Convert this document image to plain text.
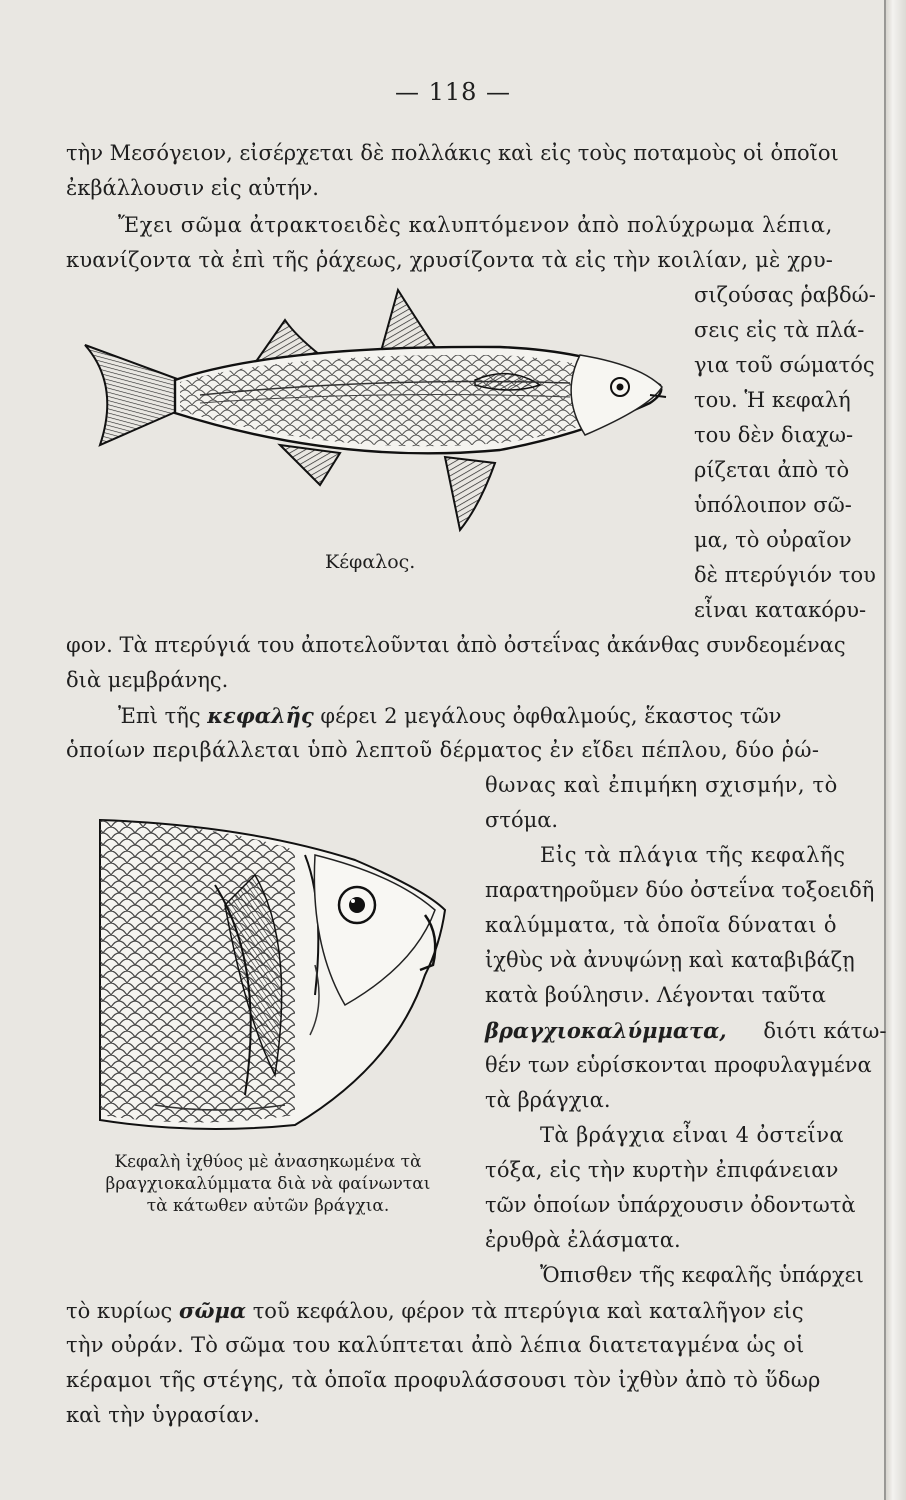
— 118 —
τὴν Μεσόγειον, εἰσέρχεται δὲ πολλάκις καὶ εἰς τοὺς ποταμοὺς οἱ ὁποῖοι
ἐκβάλλουσιν εἰς αὐτήν.
Ἔχει σῶμα ἀτρακτοειδὲς καλυπτόμενον ἀπὸ πολύχρωμα λέπια,
κυανίζοντα τὰ ἐπὶ τῆς ῥάχεως, χρυσίζοντα τὰ εἰς τὴν κοιλίαν, μὲ χρυ-
σιζούσας ῥαβδώ-
σεις εἰς τὰ πλά-
για τοῦ σώματός
του. Ἡ κεφαλή
του δὲν διαχω-
ρίζεται ἀπὸ τὸ
ὑπόλοιπον σῶ-
μα, τὸ οὐραῖον
δὲ πτερύγιόν του
εἶναι κατακόρυ-
Κέφαλος.
φον. Τὰ πτερύγιά του ἀποτελοῦνται ἀπὸ ὀστεΐνας ἀκάνθας συνδεομένας
διὰ μεμβράνης.
Ἐπὶ τῆς κεφαλῆς φέρει 2 μεγάλους ὀφθαλμούς, ἕκαστος τῶν
ὁποίων περιβάλλεται ὑπὸ λεπτοῦ δέρματος ἐν εἴδει πέπλου, δύο ῥώ-
θωνας καὶ ἐπιμήκη σχισμήν, τὸ
στόμα.
Εἰς τὰ πλάγια τῆς κεφαλῆς
παρατηροῦμεν δύο ὀστεΐνα τοξοειδῆ
καλύμματα, τὰ ὁποῖα δύναται ὁ
ἰχθὺς νὰ ἀνυψώνῃ καὶ καταβιβάζῃ
κατὰ βούλησιν. Λέγονται ταῦτα
βραγχιοκαλύμματα, διότι κάτω-
θέν των εὑρίσκονται προφυλαγμένα
τὰ βράγχια.
Τὰ βράγχια εἶναι 4 ὀστεΐνα
τόξα, εἰς τὴν κυρτὴν ἐπιφάνειαν
τῶν ὁποίων ὑπάρχουσιν ὀδοντωτὰ
ἐρυθρὰ ἐλάσματα.
Ὄπισθεν τῆς κεφαλῆς ὑπάρχει
Κεφαλὴ ἰχθύος μὲ ἀνασηκωμένα τὰ
βραγχιοκαλύμματα διὰ νὰ φαίνωνται
τὰ κάτωθεν αὐτῶν βράγχια.
τὸ κυρίως σῶμα τοῦ κεφάλου, φέρον τὰ πτερύγια καὶ καταλῆγον εἰς
τὴν οὐράν. Τὸ σῶμα του καλύπτεται ἀπὸ λέπια διατεταγμένα ὡς οἱ
κέραμοι τῆς στέγης, τὰ ὁποῖα προφυλάσσουσι τὸν ἰχθὺν ἀπὸ τὸ ὕδωρ
καὶ τὴν ὑγρασίαν.
